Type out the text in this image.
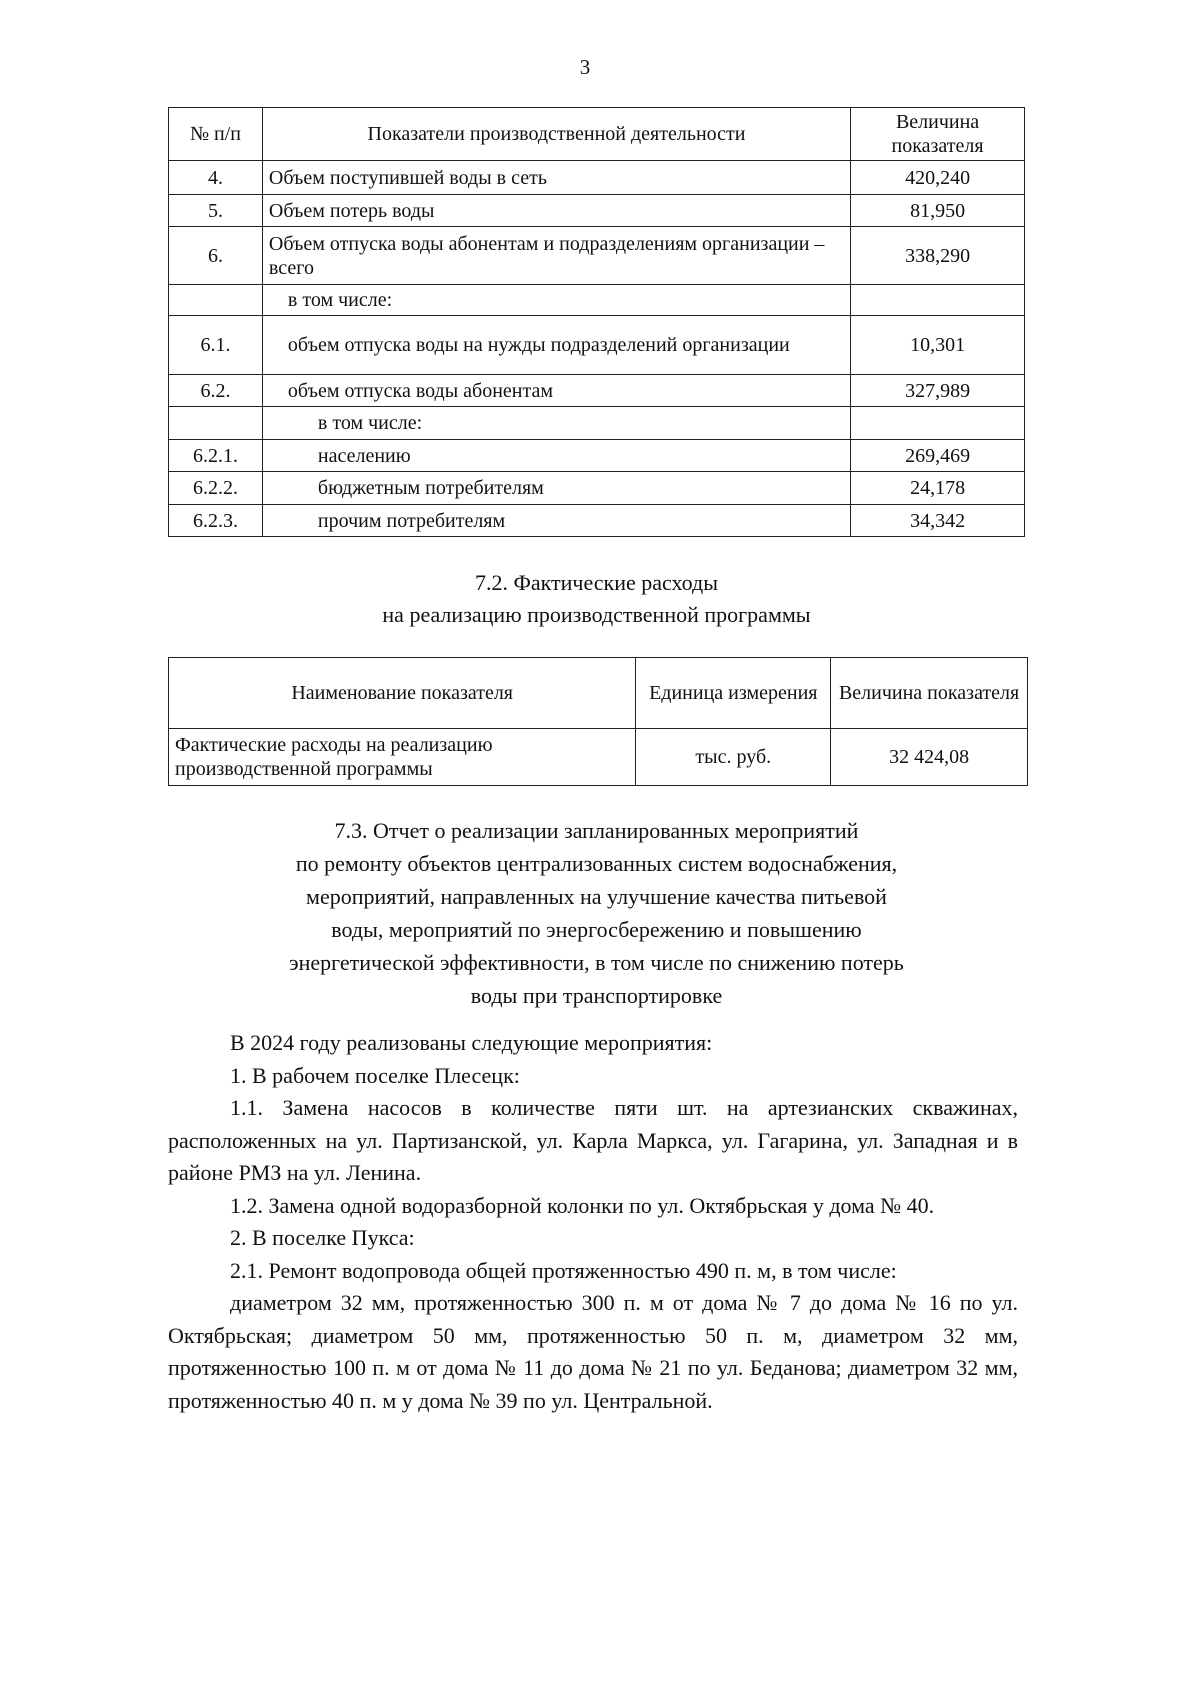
3
№ п/п	Показатели производственной деятельности	Величина показателя
4.	Объем поступившей воды в сеть	420,240
5.	Объем потерь воды	81,950
6.	Объем отпуска воды абонентам и подразделениям организации – всего	338,290
	в том числе:	
6.1.	объем отпуска воды на нужды подразделений организации	10,301
6.2.	объем отпуска воды абонентам	327,989
	в том числе:	
6.2.1.	населению	269,469
6.2.2.	бюджетным потребителям	24,178
6.2.3.	прочим потребителям	34,342
7.2. Фактические расходы
на реализацию производственной программы
Наименование показателя	Единица измерения	Величина показателя
Фактические расходы на реализацию производственной программы	тыс. руб.	32 424,08
7.3. Отчет о реализации запланированных мероприятий
по ремонту объектов централизованных систем водоснабжения,
мероприятий, направленных на улучшение качества питьевой
воды, мероприятий по энергосбережению и повышению
энергетической эффективности, в том числе по снижению потерь
воды при транспортировке

В 2024 году реализованы следующие мероприятия:

1. В рабочем поселке Плесецк:

1.1. Замена насосов в количестве пяти шт. на артезианских скважинах, расположенных на ул. Партизанской, ул. Карла Маркса, ул. Гагарина, ул. Западная и в районе РМЗ на ул. Ленина.

1.2. Замена одной водоразборной колонки по ул. Октябрьская у дома № 40.

2. В поселке Пукса:

2.1. Ремонт водопровода общей протяженностью 490 п. м, в том числе:

диаметром 32 мм, протяженностью 300 п. м от дома № 7 до дома № 16 по ул. Октябрьская; диаметром 50 мм, протяженностью 50 п. м, диаметром 32 мм, протяженностью 100 п. м от дома № 11 до дома № 21 по ул. Беданова; диаметром 32 мм, протяженностью 40 п. м у дома № 39 по ул. Центральной.
